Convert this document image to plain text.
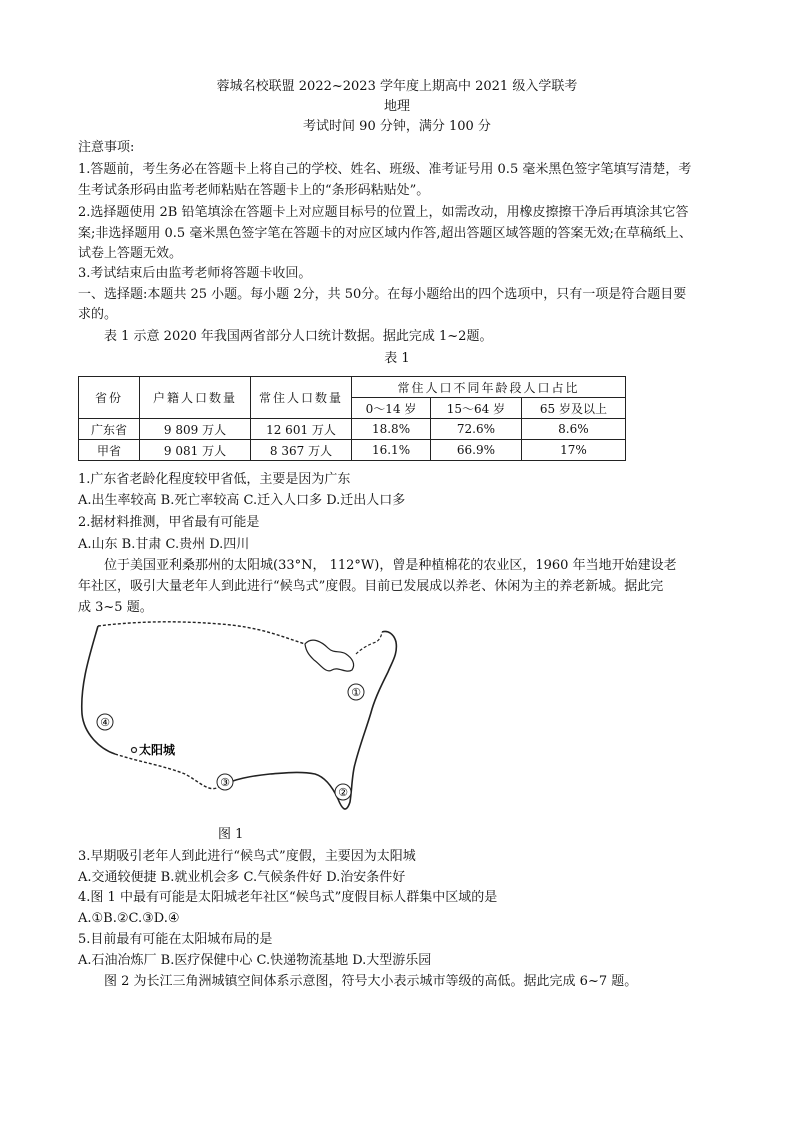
蓉城名校联盟 2022~2023 学年度上期高中 2021 级入学联考
地理
考试时间 90 分钟，满分 100 分
注意事项:
1.答题前，考生务必在答题卡上将自己的学校、姓名、班级、准考证号用 0.5 毫米黑色签字笔填写清楚，考
生考试条形码由监考老师粘贴在答题卡上的“条形码粘贴处”。
2.选择题使用 2B 铅笔填涂在答题卡上对应题目标号的位置上，如需改动，用橡皮擦擦干净后再填涂其它答
案;非选择题用 0.5 毫米黑色签字笔在答题卡的对应区域内作答,超出答题区域答题的答案无效;在草稿纸上、
试卷上答题无效。
3.考试结束后由监考老师将答题卡收回。
一、选择题:本题共 25 小题。每小题 2分，共 50分。在每小题给出的四个选项中，只有一项是符合题目要
求的。
表 1 示意 2020 年我国两省部分人口统计数据。据此完成 1~2题。
表 1
省份	户籍人口数量	常住人口数量	常住人口不同年龄段人口占比		
			0～14 岁	15～64 岁	65 岁及以上
广东省	9 809 万人	12 601 万人	18.8%	72.6%	8.6%
甲省	9 081 万人	8 367 万人	16.1%	66.9%	17%
1.广东省老龄化程度较甲省低，主要是因为广东
A.出生率较高 B.死亡率较高 C.迁入人口多 D.迁出人口多
2.据材料推测，甲省最有可能是
A.山东 B.甘肃 C.贵州 D.四川
位于美国亚利桑那州的太阳城(33°N， 112°W)，曾是种植棉花的农业区，1960 年当地开始建设老
年社区，吸引大量老年人到此进行“候鸟式”度假。目前已发展成以养老、休闲为主的养老新城。据此完
成 3~5 题。
①
②
③
④
太阳城
图 1
3.早期吸引老年人到此进行“候鸟式”度假，主要因为太阳城
A.交通较便捷 B.就业机会多 C.气候条件好 D.治安条件好
4.图 1 中最有可能是太阳城老年社区“候鸟式”度假目标人群集中区域的是
A.①B.②C.③D.④
5.目前最有可能在太阳城布局的是
A.石油冶炼厂 B.医疗保健中心 C.快递物流基地 D.大型游乐园
图 2 为长江三角洲城镇空间体系示意图，符号大小表示城市等级的高低。据此完成 6~7 题。
